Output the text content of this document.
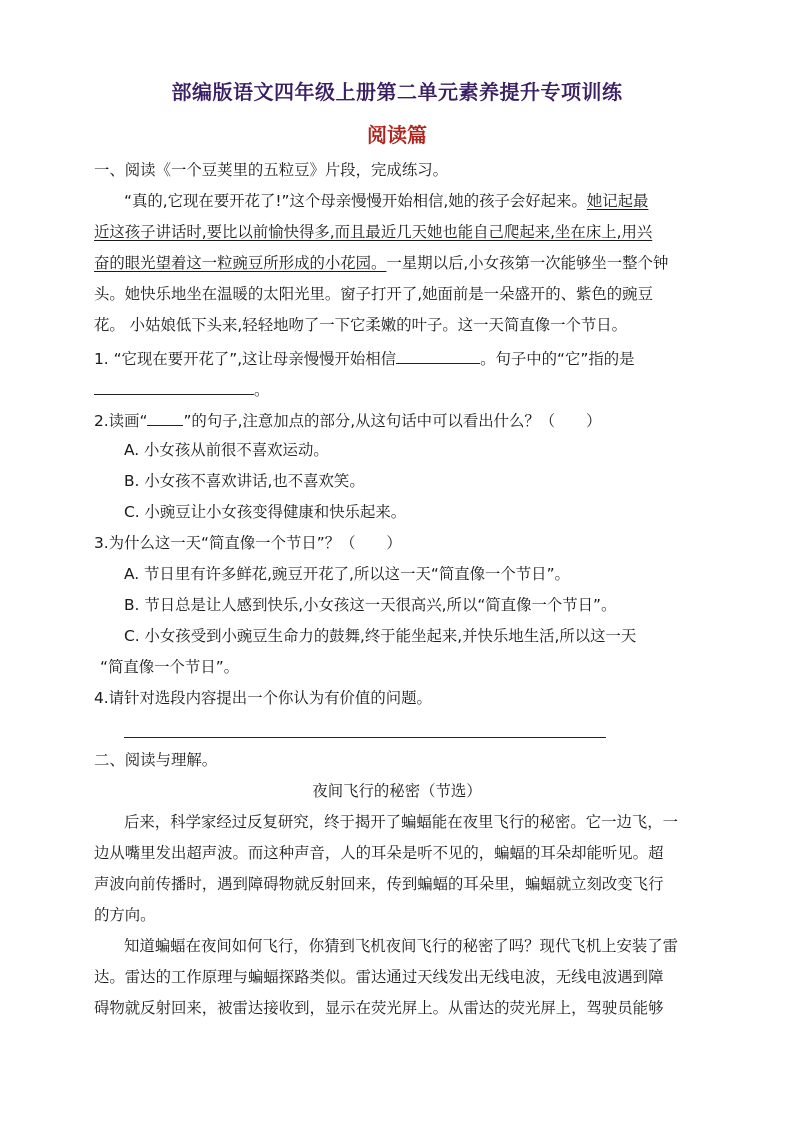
部编版语文四年级上册第二单元素养提升专项训练
阅读篇
一、阅读《一个豆荚里的五粒豆》片段，完成练习。
“真的,它现在要开花了!”这个母亲慢慢开始相信,她的孩子会好起来。她记起最
近这孩子讲话时,要比以前愉快得多,而且最近几天她也能自己爬起来,坐在床上,用兴
奋的眼光望着这一粒豌豆所形成的小花园。一星期以后,小女孩第一次能够坐一整个钟
头。她快乐地坐在温暖的太阳光里。窗子打开了,她面前是一朵盛开的、紫色的豌豆
花。 小姑娘低下头来,轻轻地吻了一下它柔嫩的叶子。这一天简直像一个节日。
1. “它现在要开花了”,这让母亲慢慢开始相信	。句子中的“它”指的是
。
2.读画“ ”的句子,注意加点的部分,从这句话中可以看出什么？（　　）
A. 小女孩从前很不喜欢运动。
B. 小女孩不喜欢讲话,也不喜欢笑。
C. 小豌豆让小女孩变得健康和快乐起来。
3.为什么这一天“简直像一个节日”？（　　）
A. 节日里有许多鲜花,豌豆开花了,所以这一天“简直像一个节日”。
B. 节日总是让人感到快乐,小女孩这一天很高兴,所以“简直像一个节日”。
C. 小女孩受到小豌豆生命力的鼓舞,终于能坐起来,并快乐地生活,所以这一天
“简直像一个节日”。
4.请针对选段内容提出一个你认为有价值的问题。
二、阅读与理解。
夜间飞行的秘密（节选）
后来，科学家经过反复研究，终于揭开了蝙蝠能在夜里飞行的秘密。它一边飞，一
边从嘴里发出超声波。而这种声音，人的耳朵是听不见的，蝙蝠的耳朵却能听见。超
声波向前传播时，遇到障碍物就反射回来，传到蝙蝠的耳朵里，蝙蝠就立刻改变飞行
的方向。
知道蝙蝠在夜间如何飞行，你猜到飞机夜间飞行的秘密了吗？现代飞机上安装了雷
达。雷达的工作原理与蝙蝠探路类似。雷达通过天线发出无线电波，无线电波遇到障
碍物就反射回来，被雷达接收到，显示在荧光屏上。从雷达的荧光屏上，驾驶员能够
